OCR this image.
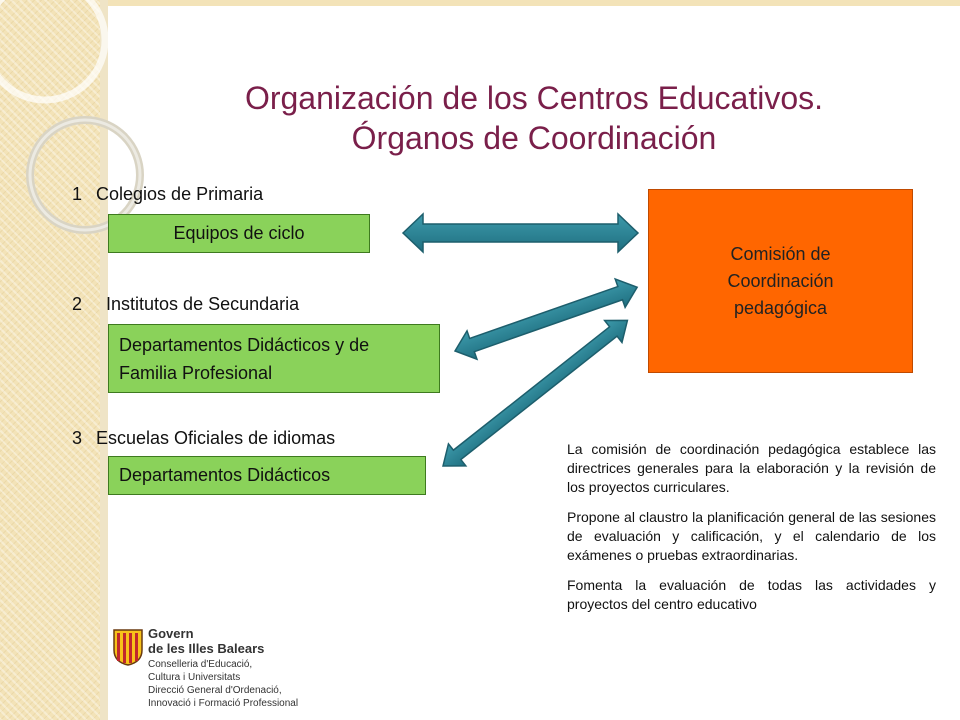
Organización de los Centros Educativos.
Órganos de Coordinación
1 Colegios de Primaria
Equipos de ciclo
2 Institutos de Secundaria
Departamentos Didácticos y de Familia Profesional
3 Escuelas Oficiales de idiomas
Departamentos Didácticos
Comisión de
Coordinación
pedagógica

La comisión de coordinación pedagógica establece las directrices generales para la elaboración y la revisión de los proyectos curriculares.

Propone al claustro la planificación general de las sesiones de evaluación y calificación, y el calendario de los exámenes o pruebas extraordinarias.

Fomenta la evaluación de todas las actividades y proyectos del centro educativo

Govern
de les Illes Balears
Conselleria d'Educació,
Cultura i Universitats
Direcció General d'Ordenació,
Innovació i Formació Professional
